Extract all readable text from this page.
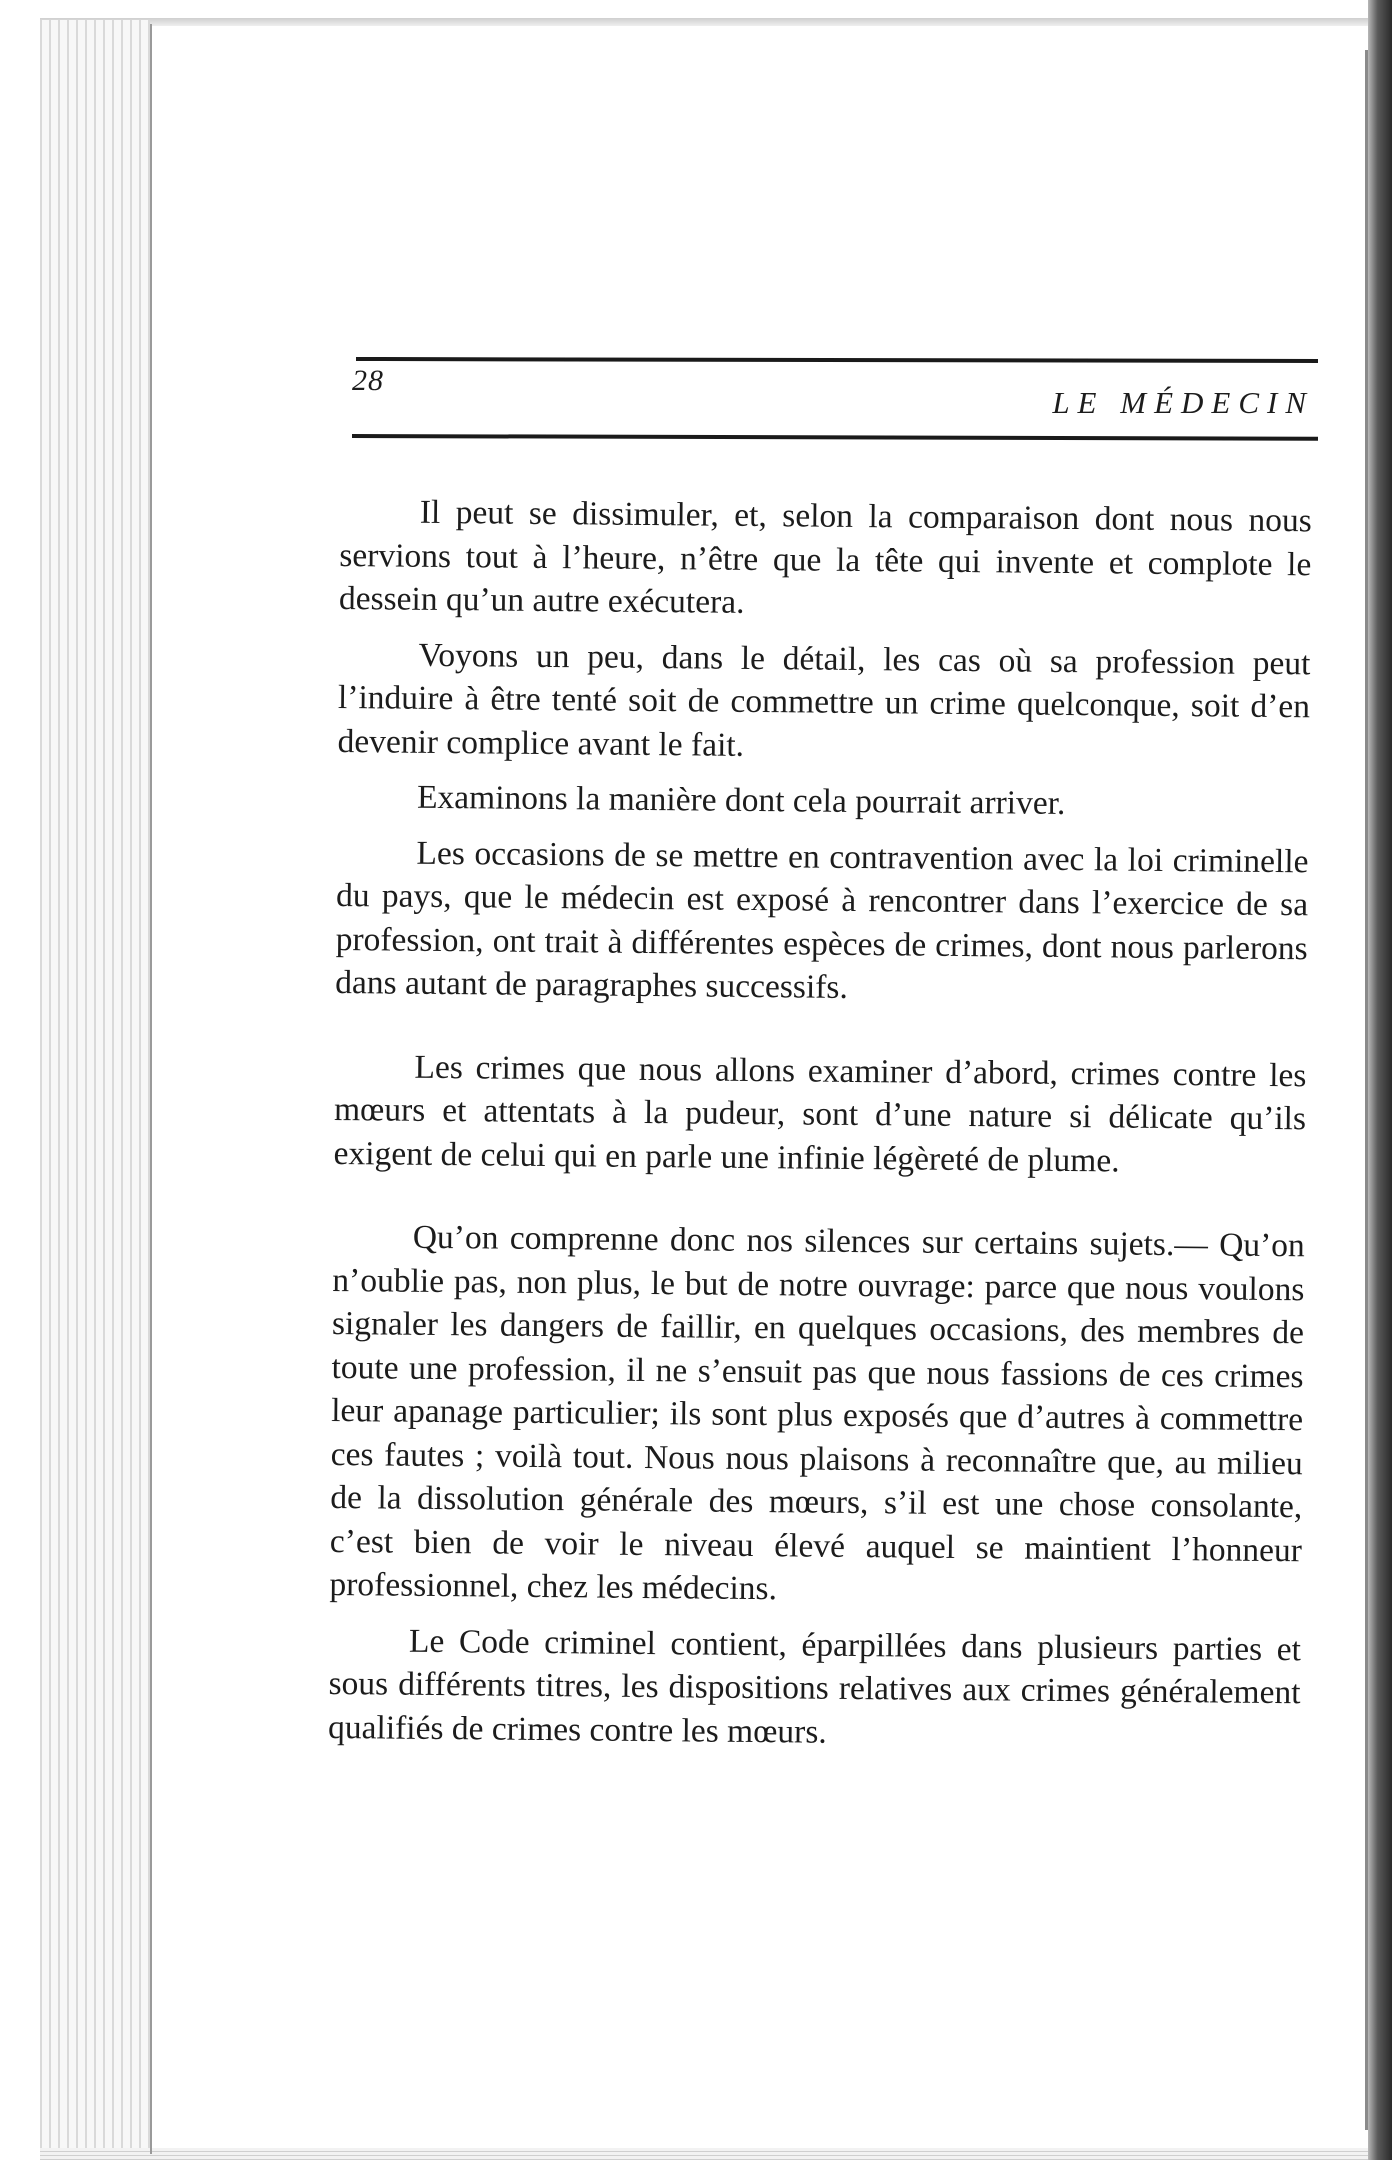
28
LE MÉDECIN

Il peut se dissimuler, et, selon la comparaison dont nous nous servions tout à l’heure, n’être que la tête qui invente et complote le dessein qu’un autre exécutera.

Voyons un peu, dans le détail, les cas où sa profession peut l’induire à être tenté soit de commettre un crime quelconque, soit d’en devenir complice avant le fait.

Examinons la manière dont cela pourrait arriver.

Les occasions de se mettre en contravention avec la loi criminelle du pays, que le médecin est exposé à rencontrer dans l’exercice de sa profession, ont trait à différentes espèces de crimes, dont nous parlerons dans autant de paragraphes successifs.

Les crimes que nous allons examiner d’abord, crimes contre les mœurs et attentats à la pudeur, sont d’une nature si délicate qu’ils exigent de celui qui en parle une infinie légèreté de plume.

Qu’on comprenne donc nos silences sur certains sujets.— Qu’on n’oublie pas, non plus, le but de notre ouvrage: parce que nous voulons signaler les dangers de faillir, en quelques occasions, des membres de toute une profession, il ne s’ensuit pas que nous fassions de ces crimes leur apanage particulier; ils sont plus exposés que d’autres à commettre ces fautes ; voilà tout. Nous nous plaisons à reconnaître que, au milieu de la dissolution générale des mœurs, s’il est une chose consolante, c’est bien de voir le niveau élevé auquel se maintient l’honneur professionnel, chez les médecins.

Le Code criminel contient, éparpillées dans plusieurs parties et sous différents titres, les dispositions relatives aux crimes généralement qualifiés de crimes contre les mœurs.
